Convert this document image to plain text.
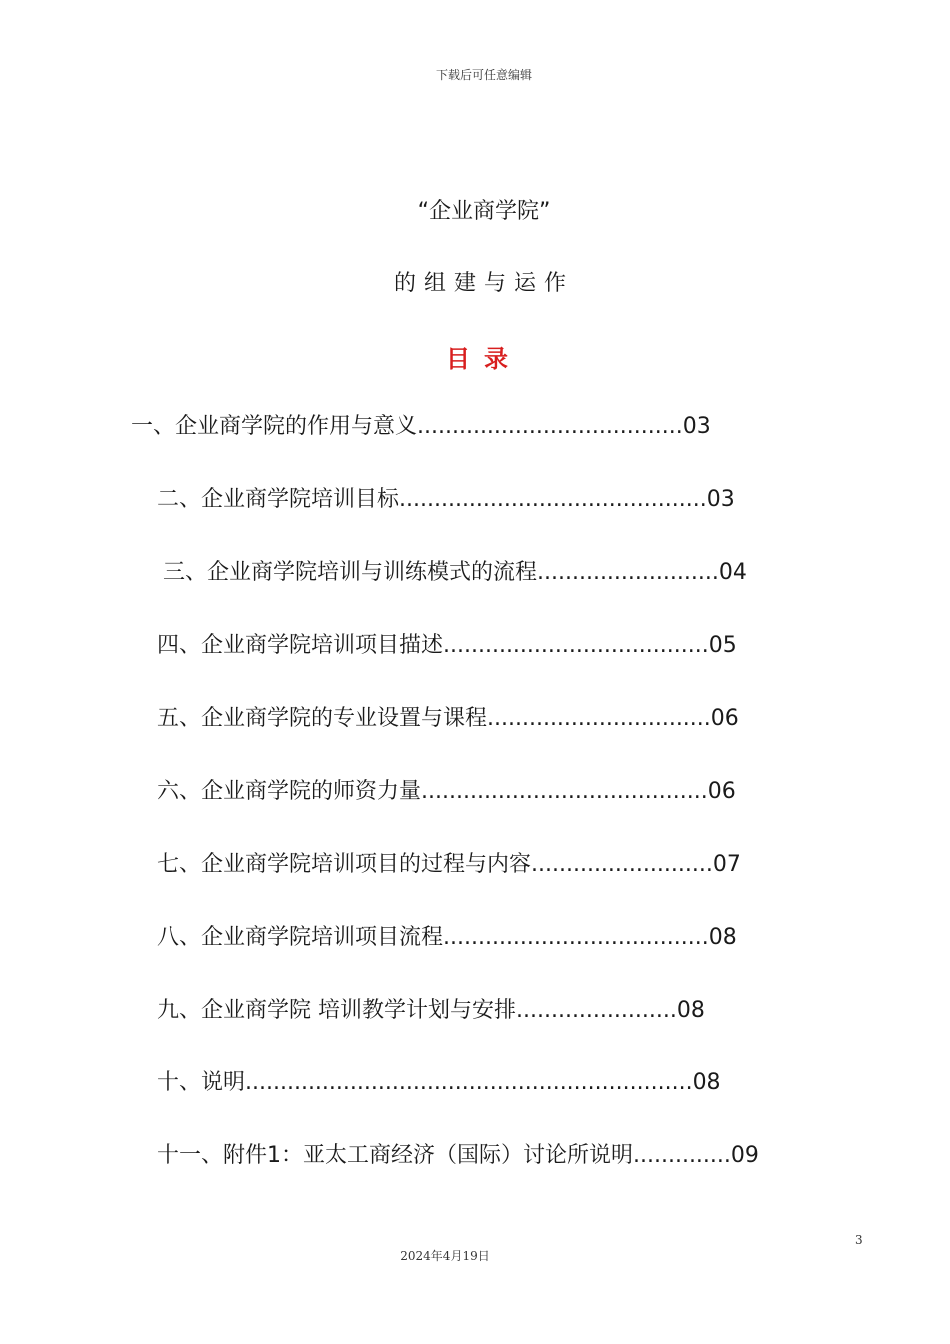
下载后可任意编辑
“企业商学院”
的组建与运作
目录
一、企业商学院的作用与意义......................................03
二、企业商学院培训目标............................................03
三、企业商学院培训与训练模式的流程..........................04
四、企业商学院培训项目描述......................................05
五、企业商学院的专业设置与课程................................06
六、企业商学院的师资力量.........................................06
七、企业商学院培训项目的过程与内容..........................07
八、企业商学院培训项目流程......................................08
九、企业商学院 培训教学计划与安排.......................08
十、说明................................................................08
十一、附件1：亚太工商经济（国际）讨论所说明..............09
3
2024年4月19日
